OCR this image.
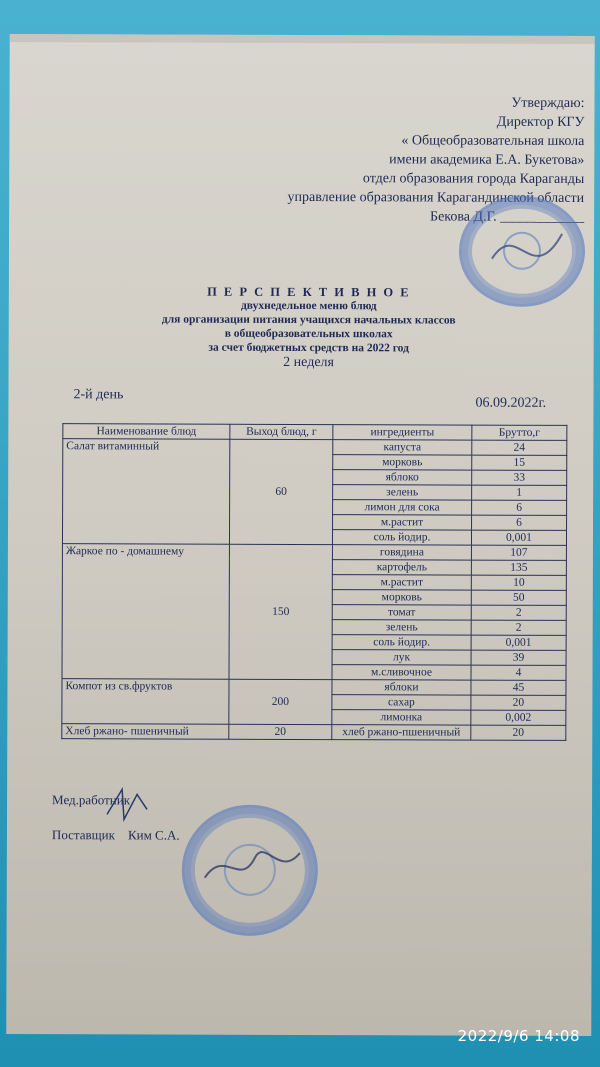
Утверждаю:
Директор КГУ
« Общеобразовательная школа
имени академика Е.А. Букетова»
отдел образования города Караганды
управление образования Карагандинской области
Бекова Д.Г. ____________
П Е Р С П Е К Т И В Н О Е
двухнедельное меню блюд
для организации питания учащихся начальных классов
в общеобразовательных школах
за счет бюджетных средств на 2022 год
2 неделя
2-й день
06.09.2022г.
Наименование блюд	Выход блюд, г	ингредиенты	Брутто,г
Салат витаминный	60	капуста	24
		морковь	15
		яблоко	33
		зелень	1
		лимон для сока	6
		м.растит	6
		соль йодир.	0,001
Жаркое по - домашнему	150	говядина	107
		картофель	135
		м.растит	10
		морковь	50
		томат	2
		зелень	2
		соль йодир.	0,001
		лук	39
		м.сливочное	4
Компот из св.фруктов	200	яблоки	45
		сахар	20
		лимонка	0,002
Хлеб ржано- пшеничный	20	хлеб ржано-пшеничный	20
Мед.работник
Поставщик Ким С.А.
2022/9/6 14:08
